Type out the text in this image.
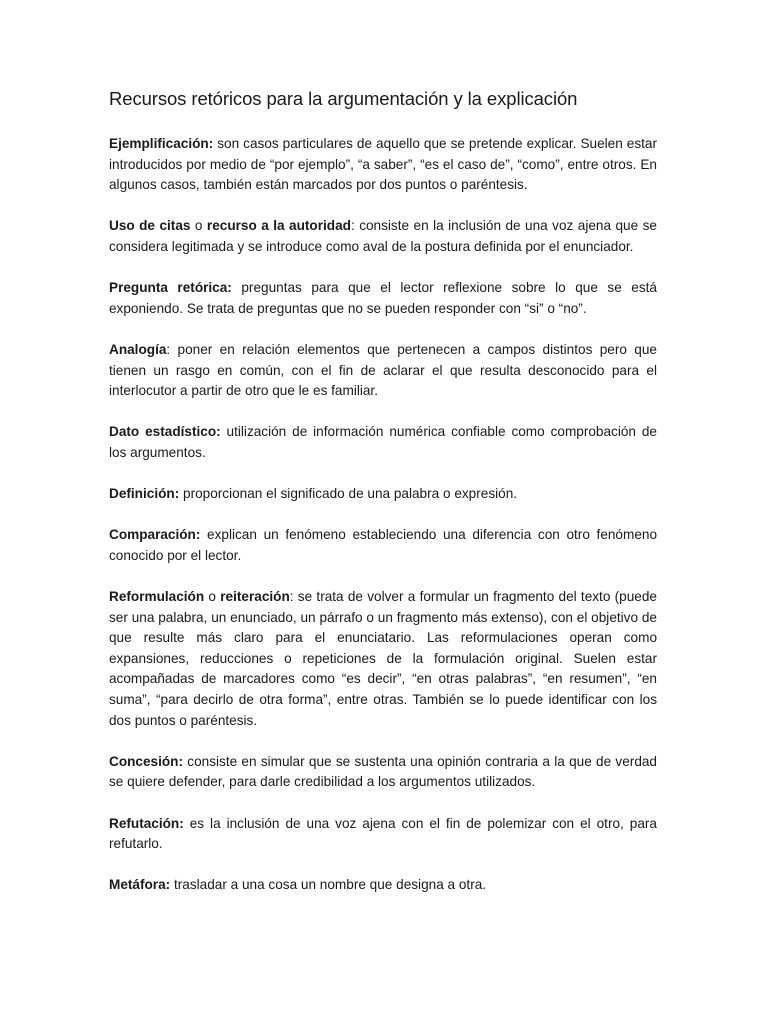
Recursos retóricos para la argumentación y la explicación

Ejemplificación: son casos particulares de aquello que se pretende explicar. Suelen estar introducidos por medio de “por ejemplo”, “a saber”, “es el caso de”, “como”, entre otros. En algunos casos, también están marcados por dos puntos o paréntesis.

Uso de citas o recurso a la autoridad: consiste en la inclusión de una voz ajena que se considera legitimada y se introduce como aval de la postura definida por el enunciador.

Pregunta retórica: preguntas para que el lector reflexione sobre lo que se está exponiendo. Se trata de preguntas que no se pueden responder con “si” o “no”.

Analogía: poner en relación elementos que pertenecen a campos distintos pero que tienen un rasgo en común, con el fin de aclarar el que resulta desconocido para el interlocutor a partir de otro que le es familiar.

Dato estadístico: utilización de información numérica confiable como comprobación de los argumentos.

Definición: proporcionan el significado de una palabra o expresión.

Comparación: explican un fenómeno estableciendo una diferencia con otro fenómeno conocido por el lector.

Reformulación o reiteración: se trata de volver a formular un fragmento del texto (puede ser una palabra, un enunciado, un párrafo o un fragmento más extenso), con el objetivo de que resulte más claro para el enunciatario. Las reformulaciones operan como expansiones, reducciones o repeticiones de la formulación original. Suelen estar acompañadas de marcadores como “es decir”, “en otras palabras”, “en resumen”, “en suma”, “para decirlo de otra forma”, entre otras. También se lo puede identificar con los dos puntos o paréntesis.

Concesión: consiste en simular que se sustenta una opinión contraria a la que de verdad se quiere defender, para darle credibilidad a los argumentos utilizados.

Refutación: es la inclusión de una voz ajena con el fin de polemizar con el otro, para refutarlo.

Metáfora: trasladar a una cosa un nombre que designa a otra.
